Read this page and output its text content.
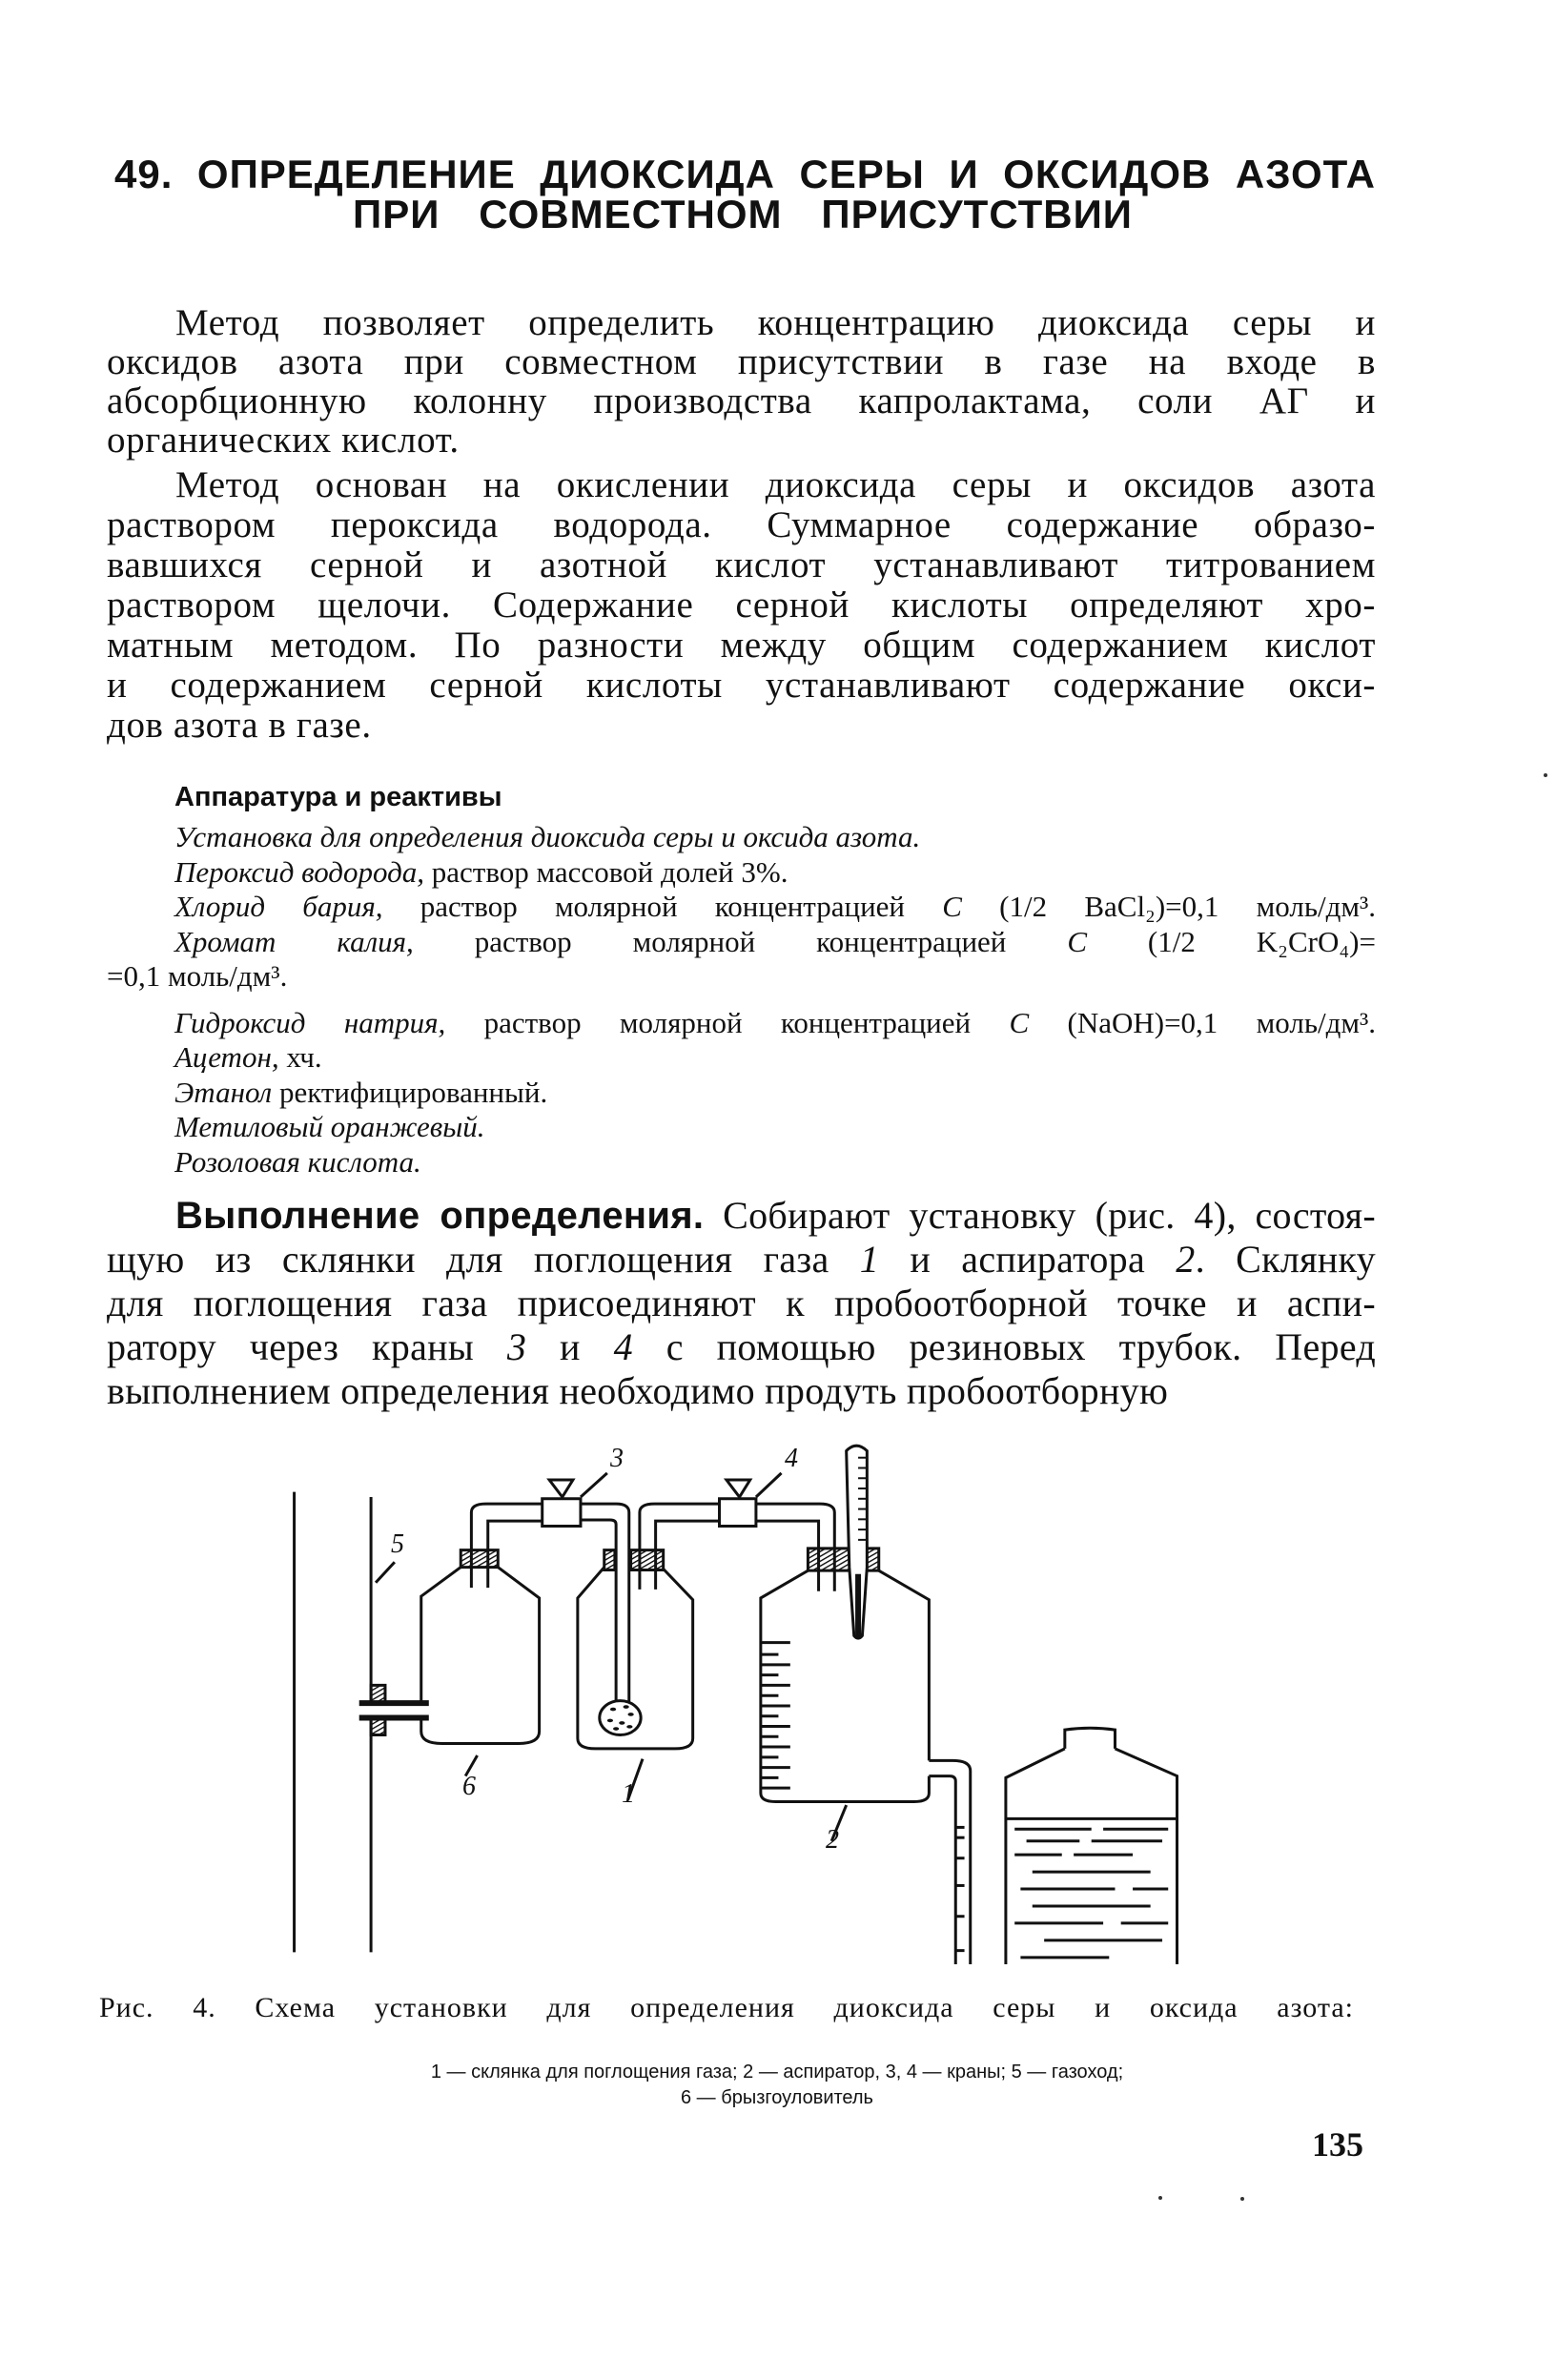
49. ОПРЕДЕЛЕНИЕ ДИОКСИДА СЕРЫ И ОКСИДОВ АЗОТА
ПРИ СОВМЕСТНОМ ПРИСУТСТВИИ
Метод позволяет определить концентрацию диоксида серы и
оксидов азота при совместном присутствии в газе на входе в
абсорбционную колонну производства капролактама, соли АГ и
органических кислот.
Метод основан на окислении диоксида серы и оксидов азота
раствором пероксида водорода. Суммарное содержание образо-
вавшихся серной и азотной кислот устанавливают титрованием
раствором щелочи. Содержание серной кислоты определяют хро-
матным методом. По разности между общим содержанием кислот
и содержанием серной кислоты устанавливают содержание окси-
дов азота в газе.
Аппаратура и реактивы
Установка для определения диоксида серы и оксида азота.
Пероксид водорода, раствор массовой долей 3%.
Хлорид бария, раствор молярной концентрацией C (1/2 BaCl₂)=0,1 моль/дм³.
Хромат калия, раствор молярной концентрацией C (1/2 K₂CrO₄)=
=0,1 моль/дм³.
Гидроксид натрия, раствор молярной концентрацией C (NaOH)=0,1 моль/дм³.
Ацетон, хч.
Этанол ректифицированный.
Метиловый оранжевый.
Розоловая кислота.
Выполнение определения. Собирают установку (рис. 4), состоя-
щую из склянки для поглощения газа 1 и аспиратора 2. Склянку
для поглощения газа присоединяют к пробоотборной точке и аспи-
ратору через краны 3 и 4 с помощью резиновых трубок. Перед
выполнением определения необходимо продуть пробоотборную
3	4
5
6	1
2
Рис. 4. Схема установки для определения диоксида серы и оксида азота:
1 — склянка для поглощения газа; 2 — аспиратор, 3, 4 — краны; 5 — газоход;
6 — брызгоуловитель
135
